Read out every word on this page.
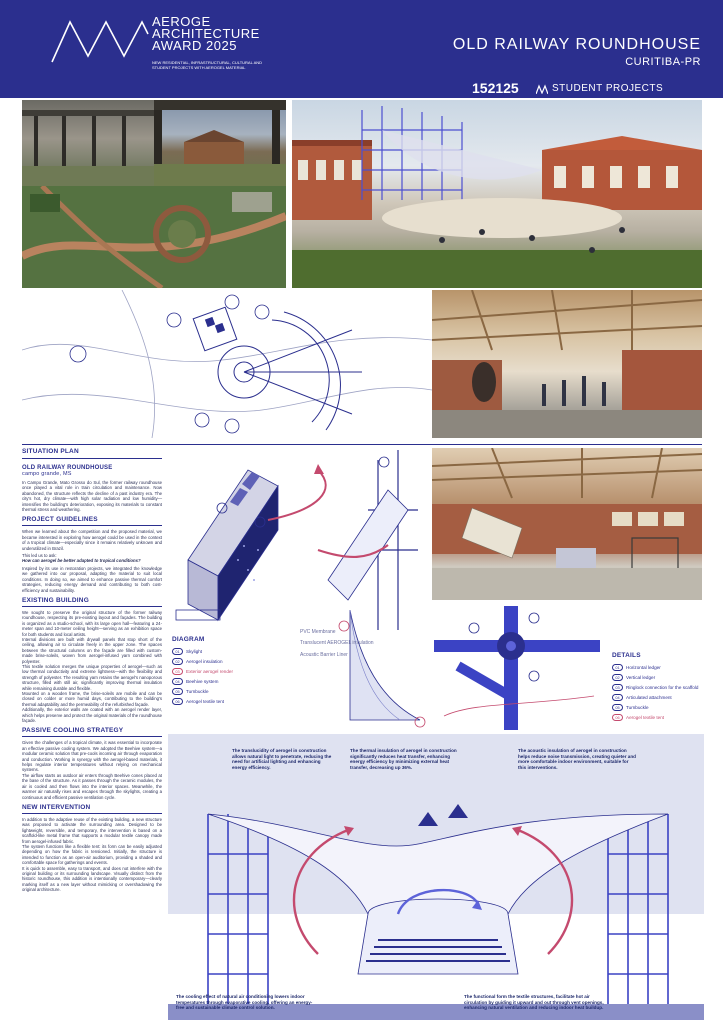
AEROGE
ARCHITECTURE
AWARD 2025
NEW RESIDENTIAL, INFRASTRUCTURAL, CULTURAL AND STUDENT PROJECTS WITH AEROGEL MATERIAL
OLD RAILWAY ROUNDHOUSE
CURITIBA-PR
152125	STUDENT PROJECTS
SITUATION PLAN
OLD RAILWAY ROUNDHOUSE
campo grande, MS
In Campo Grande, Mato Grosso do Sul, the former railway roundhouse once played a vital role in train circulation and maintenance. Now abandoned, the structure reflects the decline of a past industry era. The city's hot, dry climate—with high solar radiation and low humidity—intensifies the building's deterioration, exposing its materials to constant thermal stress and weathering.
PROJECT GUIDELINES
When we learned about the competition and the proposed material, we became interested in exploring how aerogel could be used in the context of a tropical climate—especially since it remains relatively unknown and underutilized in Brazil.
This led us to ask:
How can aerogel be better adapted to tropical conditions?
Inspired by its use in restoration projects, we integrated the knowledge we gathered into our proposal, adapting the material to suit local conditions. In doing so, we aimed to enhance passive thermal comfort strategies, reducing energy demand and contributing to both cost-efficiency and sustainability.
EXISTING BUILDING
We sought to preserve the original structure of the former railway roundhouse, respecting its pre-existing layout and façades. The building is organized as a studio-school, with its large open hall—featuring a 24-meter span and 10-meter ceiling height—serving as an exhibition space for both students and local artists.
Internal divisions are built with drywall panels that stop short of the ceiling, allowing air to circulate freely in the upper zone. The spaces between the structural columns on the façade are filled with custom-made brise-soleils, woven from aerogel-infused yarn combined with polyester.
This textile solution merges the unique properties of aerogel—such as low thermal conductivity and extreme lightness—with the flexibility and strength of polyester. The resulting yarn retains the aerogel's nanoporous structure, filled with still air, significantly improving thermal insulation while remaining durable and flexible.
Mounted on a wooden frame, the brise-soleils are mobile and can be closed on colder or more humid days, contributing to the building's thermal adaptability and the permeability of the refurbished façade.
Additionally, the exterior walls are coated with an aerogel render layer, which helps preserve and protect the original materials of the roundhouse façade.
PASSIVE COOLING STRATEGY
Given the challenges of a tropical climate, it was essential to incorporate an effective passive cooling system. We adopted the Beehive system—a modular ceramic solution that pre-cools incoming air through evaporation and conduction. Working in synergy with the aerogel-based materials, it helps regulate interior temperatures without relying on mechanical systems.
The airflow starts as outdoor air enters through Beehive cones placed at the base of the structure. As it passes through the ceramic modules, the air is cooled and then flows into the interior spaces. Meanwhile, the warmer air naturally rises and escapes through the skylights, creating a continuous and efficient passive ventilation cycle.
NEW INTERVENTION
In addition to the adaptive reuse of the existing building, a new structure was proposed to activate the surrounding area. Designed to be lightweight, reversible, and temporary, the intervention is based on a scaffold-like metal frame that supports a modular textile canopy made from aerogel-infused fabric.
The system functions like a flexible tent: its form can be easily adjusted depending on how the fabric is tensioned. Initially, the structure is intended to function as an open-air auditorium, providing a shaded and comfortable space for gatherings and events.
It is quick to assemble, easy to transport, and does not interfere with the original building or its surrounding landscape. Visually distinct from the historic roundhouse, this addition is intentionally contemporary—clearly marking itself as a new layer without mimicking or overshadowing the original architecture.
DIAGRAM
01	Skylight
02	Aerogel insulation
03	Exterior aerogel render
04	Beehive system
05	Turnbuckle
06	Aerogel textile tent
PVC Membrane
Translucent AEROGEL insulation
Acoustic Barrier Liner	DETAILS
01	Horizontal ledger
02	Vertical ledger
03	Ringlock connection for the scaffold
04	Articulated attachment
05	Turnbuckle
06	Aerogel textile tent
The translucidity of aerogel in construction allows natural light to penetrate, reducing the need for artificial lighting and enhancing energy efficiency.
The thermal insulation of aerogel in construction significantly reduces heat transfer, enhancing energy efficiency by minimizing external heat transfer, decreasing up 36%.
The acoustic insulation of aerogel in construction helps reduce noise transmission, creating quieter and more comfortable indoor environment, suitable for this interventions.
The cooling effect of natural air conditioning lowers indoor temperatures through evaporative cooling, offering an energy-free and sustainable climate control solution.
The functional form the textile structures, facilitate hot air circulation by guiding it upward and out through vent openings, enhancing natural ventilation and reducing indoor heat buildup.
